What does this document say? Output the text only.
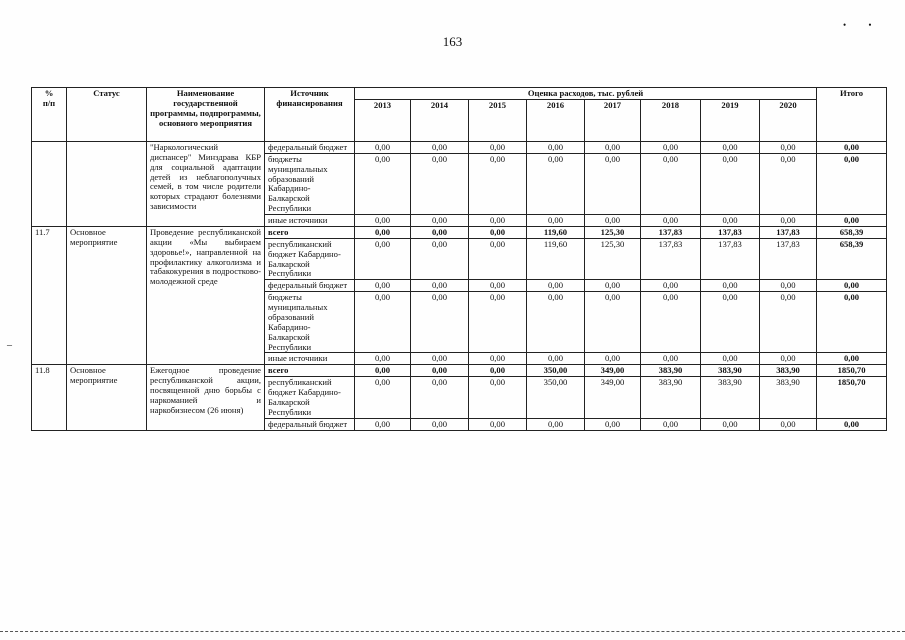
163
• •
–
%
п/п	Статус	Наименование государственной программы, подпрограммы, основного мероприятия	Источник финансирования	Оценка расходов, тыс. рублей								Итого
				2013	2014	2015	2016	2017	2018	2019	2020	
		"Наркологический диспансер" Минздрава КБР для социальной адаптации детей из неблагополучных семей, в том числе родители которых страдают болезнями зависимости	федеральный бюджет	0,00	0,00	0,00	0,00	0,00	0,00	0,00	0,00	0,00
			бюджеты муниципальных образований Кабардино-Балкарской Республики	0,00	0,00	0,00	0,00	0,00	0,00	0,00	0,00	0,00
			иные источники	0,00	0,00	0,00	0,00	0,00	0,00	0,00	0,00	0,00
11.7	Основное мероприятие	Проведение республиканской акции «Мы выбираем здоровье!», направленной на профилактику алкоголизма и табакокурения в подростково-молодежной среде	всего	0,00	0,00	0,00	119,60	125,30	137,83	137,83	137,83	658,39
			республиканский бюджет Кабардино-Балкарской Республики	0,00	0,00	0,00	119,60	125,30	137,83	137,83	137,83	658,39
			федеральный бюджет	0,00	0,00	0,00	0,00	0,00	0,00	0,00	0,00	0,00
			бюджеты муниципальных образований Кабардино-Балкарской Республики	0,00	0,00	0,00	0,00	0,00	0,00	0,00	0,00	0,00
			иные источники	0,00	0,00	0,00	0,00	0,00	0,00	0,00	0,00	0,00
11.8	Основное мероприятие	Ежегодное проведение республиканской акции, посвященной дню борьбы с наркоманией и наркобизнесом (26 июня)	всего	0,00	0,00	0,00	350,00	349,00	383,90	383,90	383,90	1850,70
			республиканский бюджет Кабардино-Балкарской Республики	0,00	0,00	0,00	350,00	349,00	383,90	383,90	383,90	1850,70
			федеральный бюджет	0,00	0,00	0,00	0,00	0,00	0,00	0,00	0,00	0,00
